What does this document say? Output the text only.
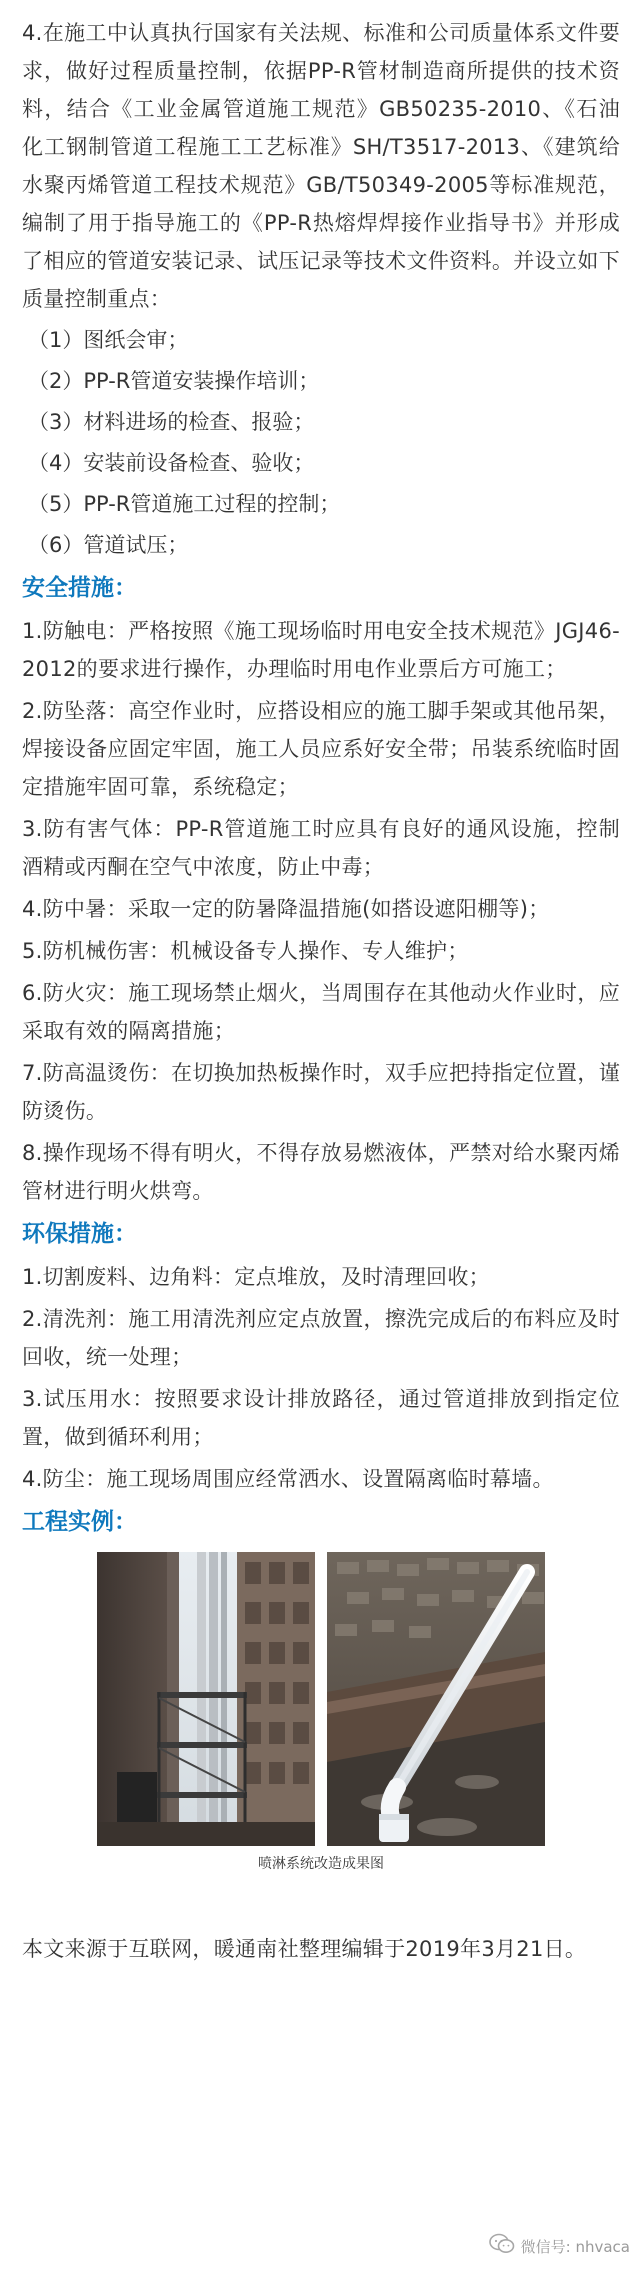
4.在施工中认真执行国家有关法规、标准和公司质量体系文件要求，做好过程质量控制，依据PP-R管材制造商所提供的技术资料，结合《工业金属管道施工规范》GB50235-2010、《石油化工钢制管道工程施工工艺标准》SH/T3517-2013、《建筑给水聚丙烯管道工程技术规范》GB/T50349-2005等标准规范，编制了用于指导施工的《PP-R热熔焊焊接作业指导书》并形成了相应的管道安装记录、试压记录等技术文件资料。并设立如下质量控制重点：

（1）图纸会审；
（2）PP-R管道安装操作培训；
（3）材料进场的检查、报验；
（4）安装前设备检查、验收；
（5）PP-R管道施工过程的控制；
（6）管道试压；
安全措施：

1.防触电：严格按照《施工现场临时用电安全技术规范》JGJ46-2012的要求进行操作，办理临时用电作业票后方可施工；

2.防坠落：高空作业时，应搭设相应的施工脚手架或其他吊架，焊接设备应固定牢固，施工人员应系好安全带；吊装系统临时固定措施牢固可靠，系统稳定；

3.防有害气体：PP-R管道施工时应具有良好的通风设施，控制酒精或丙酮在空气中浓度，防止中毒；

4.防中暑：采取一定的防暑降温措施(如搭设遮阳棚等)；

5.防机械伤害：机械设备专人操作、专人维护；

6.防火灾：施工现场禁止烟火，当周围存在其他动火作业时，应采取有效的隔离措施；

7.防高温烫伤：在切换加热板操作时，双手应把持指定位置，谨防烫伤。

8.操作现场不得有明火，不得存放易燃液体，严禁对给水聚丙烯管材进行明火烘弯。

环保措施：

1.切割废料、边角料：定点堆放，及时清理回收；

2.清洗剂：施工用清洗剂应定点放置，擦洗完成后的布料应及时回收，统一处理；

3.试压用水：按照要求设计排放路径，通过管道排放到指定位置，做到循环利用；

4.防尘：施工现场周围应经常洒水、设置隔离临时幕墙。

工程实例：
喷淋系统改造成果图

本文来源于互联网，暖通南社整理编辑于2019年3月21日。

微信号: nhvaca
